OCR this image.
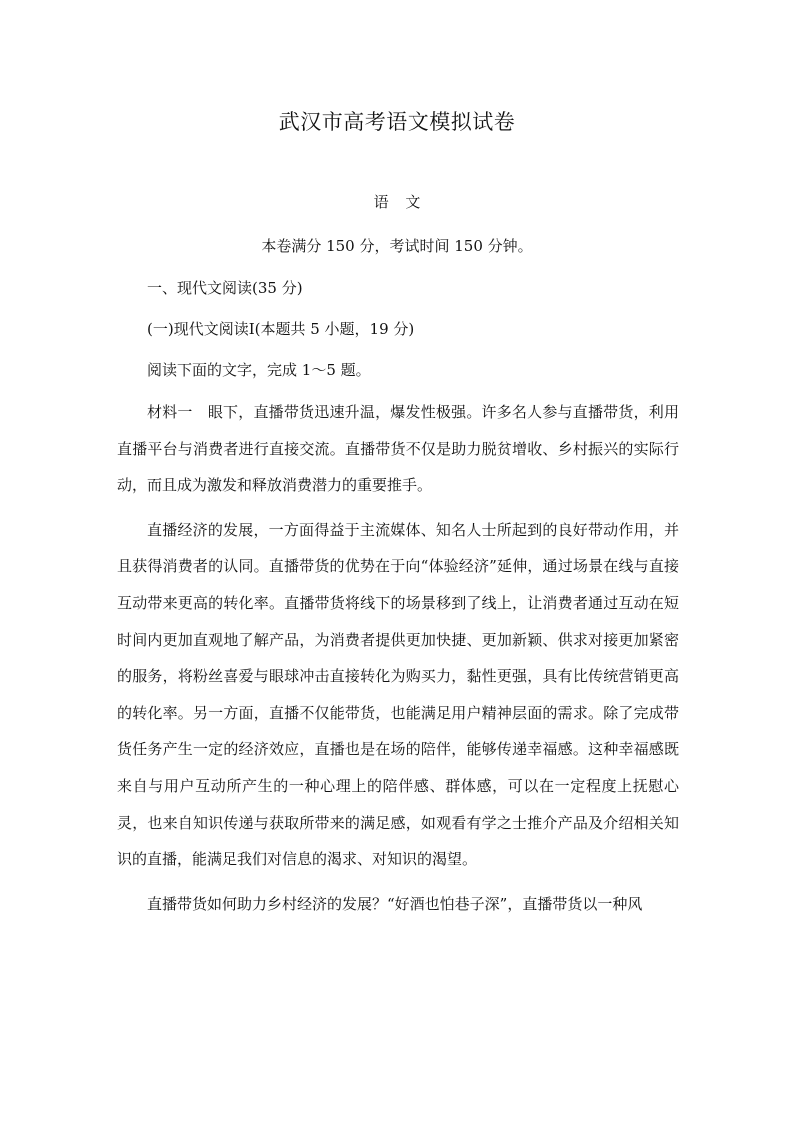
武汉市高考语文模拟试卷
语 文
本卷满分 150 分，考试时间 150 分钟。
一、现代文阅读(35 分)
(一)现代文阅读Ⅰ(本题共 5 小题，19 分)
阅读下面的文字，完成 1～5 题。

材料一　眼下，直播带货迅速升温，爆发性极强。许多名人参与直播带货，利用直播平台与消费者进行直接交流。直播带货不仅是助力脱贫增收、乡村振兴的实际行动，而且成为激发和释放消费潜力的重要推手。

直播经济的发展，一方面得益于主流媒体、知名人士所起到的良好带动作用，并且获得消费者的认同。直播带货的优势在于向“体验经济”延伸，通过场景在线与直接互动带来更高的转化率。直播带货将线下的场景移到了线上，让消费者通过互动在短时间内更加直观地了解产品，为消费者提供更加快捷、更加新颖、供求对接更加紧密的服务，将粉丝喜爱与眼球冲击直接转化为购买力，黏性更强，具有比传统营销更高的转化率。另一方面，直播不仅能带货，也能满足用户精神层面的需求。除了完成带货任务产生一定的经济效应，直播也是在场的陪伴，能够传递幸福感。这种幸福感既来自与用户互动所产生的一种心理上的陪伴感、群体感，可以在一定程度上抚慰心灵，也来自知识传递与获取所带来的满足感，如观看有学之士推介产品及介绍相关知识的直播，能满足我们对信息的渴求、对知识的渴望。

直播带货如何助力乡村经济的发展？“好酒也怕巷子深”，直播带货以一种风
